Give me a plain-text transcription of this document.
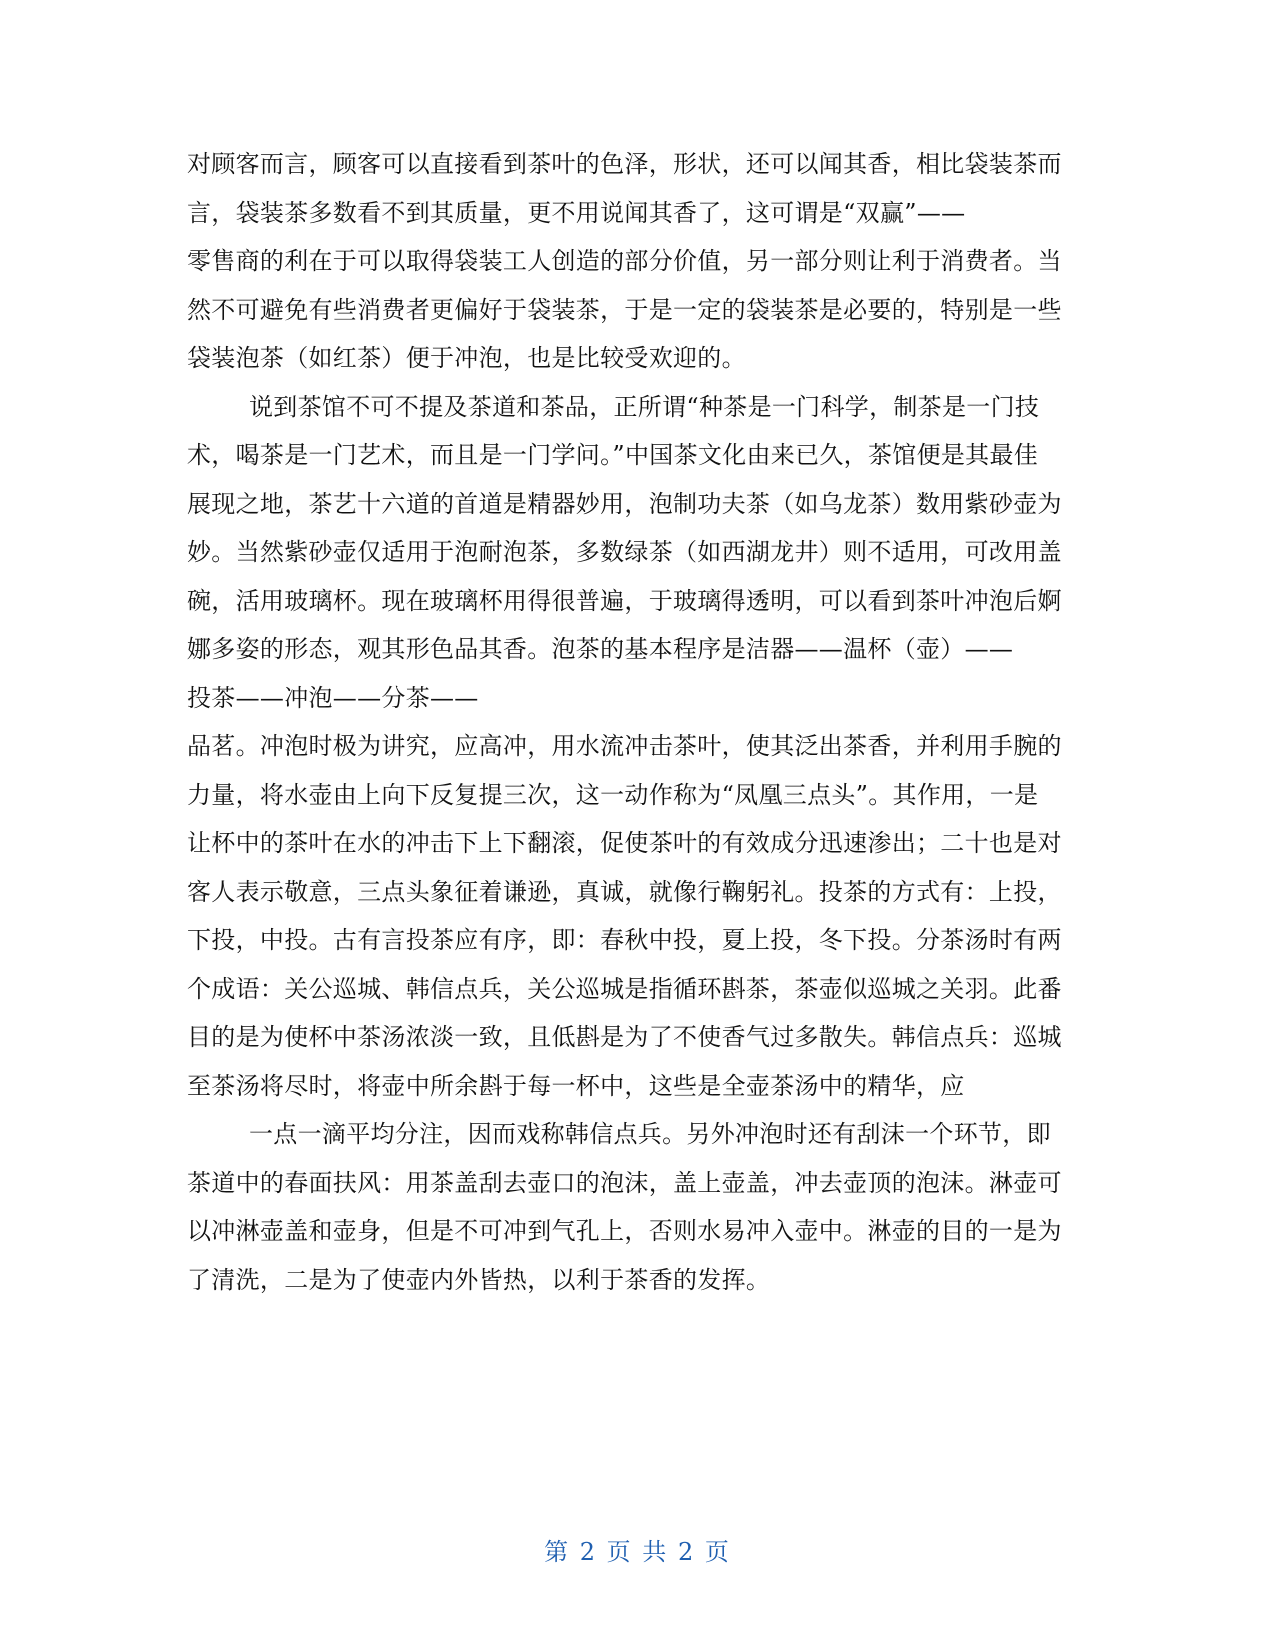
对顾客而言，顾客可以直接看到茶叶的色泽，形状，还可以闻其香，相比袋装茶而
言，袋装茶多数看不到其质量，更不用说闻其香了，这可谓是“双赢”——
零售商的利在于可以取得袋装工人创造的部分价值，另一部分则让利于消费者。当
然不可避免有些消费者更偏好于袋装茶，于是一定的袋装茶是必要的，特别是一些
袋装泡茶（如红茶）便于冲泡，也是比较受欢迎的。
说到茶馆不可不提及茶道和茶品，正所谓“种茶是一门科学，制茶是一门技
术，喝茶是一门艺术，而且是一门学问。”中国茶文化由来已久，茶馆便是其最佳
展现之地，茶艺十六道的首道是精器妙用，泡制功夫茶（如乌龙茶）数用紫砂壶为
妙。当然紫砂壶仅适用于泡耐泡茶，多数绿茶（如西湖龙井）则不适用，可改用盖
碗，活用玻璃杯。现在玻璃杯用得很普遍，于玻璃得透明，可以看到茶叶冲泡后婀
娜多姿的形态，观其形色品其香。泡茶的基本程序是洁器——温杯（壶）——
投茶——冲泡——分茶——
品茗。冲泡时极为讲究，应高冲，用水流冲击茶叶，使其泛出茶香，并利用手腕的
力量，将水壶由上向下反复提三次，这一动作称为“凤凰三点头”。其作用，一是
让杯中的茶叶在水的冲击下上下翻滚，促使茶叶的有效成分迅速渗出；二十也是对
客人表示敬意，三点头象征着谦逊，真诚，就像行鞠躬礼。投茶的方式有：上投，
下投，中投。古有言投茶应有序，即：春秋中投，夏上投，冬下投。分茶汤时有两
个成语：关公巡城、韩信点兵，关公巡城是指循环斟茶，茶壶似巡城之关羽。此番
目的是为使杯中茶汤浓淡一致，且低斟是为了不使香气过多散失。韩信点兵：巡城
至茶汤将尽时，将壶中所余斟于每一杯中，这些是全壶茶汤中的精华，应
一点一滴平均分注，因而戏称韩信点兵。另外冲泡时还有刮沫一个环节，即
茶道中的春面扶风：用茶盖刮去壶口的泡沫，盖上壶盖，冲去壶顶的泡沫。淋壶可
以冲淋壶盖和壶身，但是不可冲到气孔上，否则水易冲入壶中。淋壶的目的一是为
了清洗，二是为了使壶内外皆热，以利于茶香的发挥。
第 2 页 共 2 页
